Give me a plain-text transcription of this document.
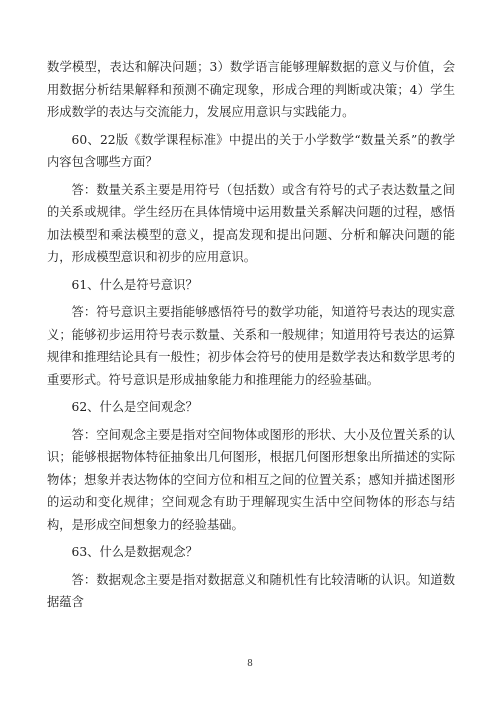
数学模型，表达和解决问题；3）数学语言能够理解数据的意义与价值，会用数据分析结果解释和预测不确定现象，形成合理的判断或决策；4）学生形成数学的表达与交流能力，发展应用意识与实践能力。

60、22版《数学课程标准》中提出的关于小学数学“数量关系”的教学内容包含哪些方面？

答：数量关系主要是用符号（包括数）或含有符号的式子表达数量之间的关系或规律。学生经历在具体情境中运用数量关系解决问题的过程，感悟加法模型和乘法模型的意义，提高发现和提出问题、分析和解决问题的能力，形成模型意识和初步的应用意识。

61、什么是符号意识？

答：符号意识主要指能够感悟符号的数学功能，知道符号表达的现实意义；能够初步运用符号表示数量、关系和一般规律；知道用符号表达的运算规律和推理结论具有一般性；初步体会符号的使用是数学表达和数学思考的重要形式。符号意识是形成抽象能力和推理能力的经验基础。

62、什么是空间观念？

答：空间观念主要是指对空间物体或图形的形状、大小及位置关系的认识；能够根据物体特征抽象出几何图形，根据几何图形想象出所描述的实际物体；想象并表达物体的空间方位和相互之间的位置关系；感知并描述图形的运动和变化规律；空间观念有助于理解现实生活中空间物体的形态与结构，是形成空间想象力的经验基础。

63、什么是数据观念？

答：数据观念主要是指对数据意义和随机性有比较清晰的认识。知道数据蕴含

8
